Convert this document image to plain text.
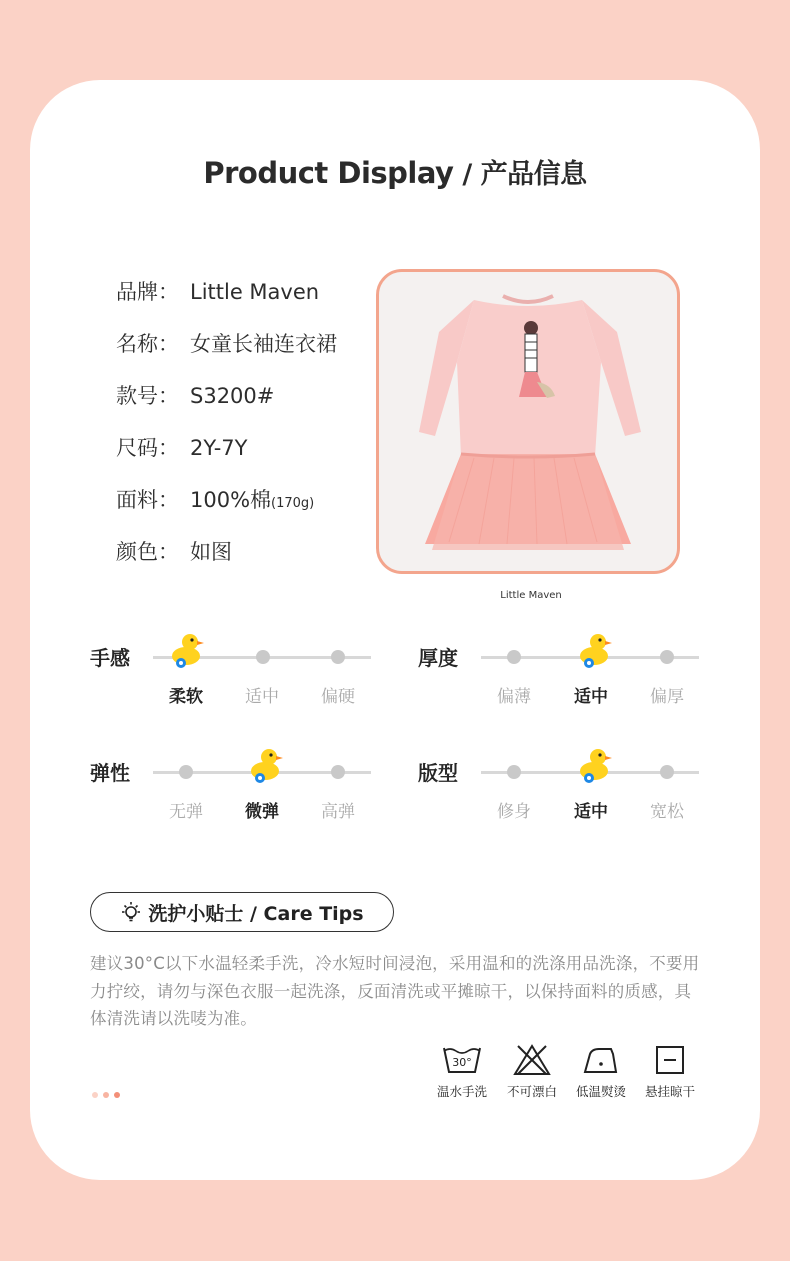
Product Display / 产品信息
品牌： Little Maven
名称： 女童长袖连衣裙
款号： S3200#
尺码： 2Y-7Y
面料： 100%棉(170g)
颜色： 如图
Little Maven
手感
柔软	适中	偏硬
厚度
偏薄	适中	偏厚
弹性
无弹	微弹	高弹
版型
修身	适中	宽松
洗护小贴士 / Care Tips
建议30°C以下水温轻柔手洗，冷水短时间浸泡，采用温和的洗涤用品洗涤，不要用力拧绞，请勿与深色衣服一起洗涤，反面清洗或平摊晾干，以保持面料的质感，具体清洗请以洗唛为准。
30°
温水手洗	不可漂白	低温熨烫	悬挂晾干
